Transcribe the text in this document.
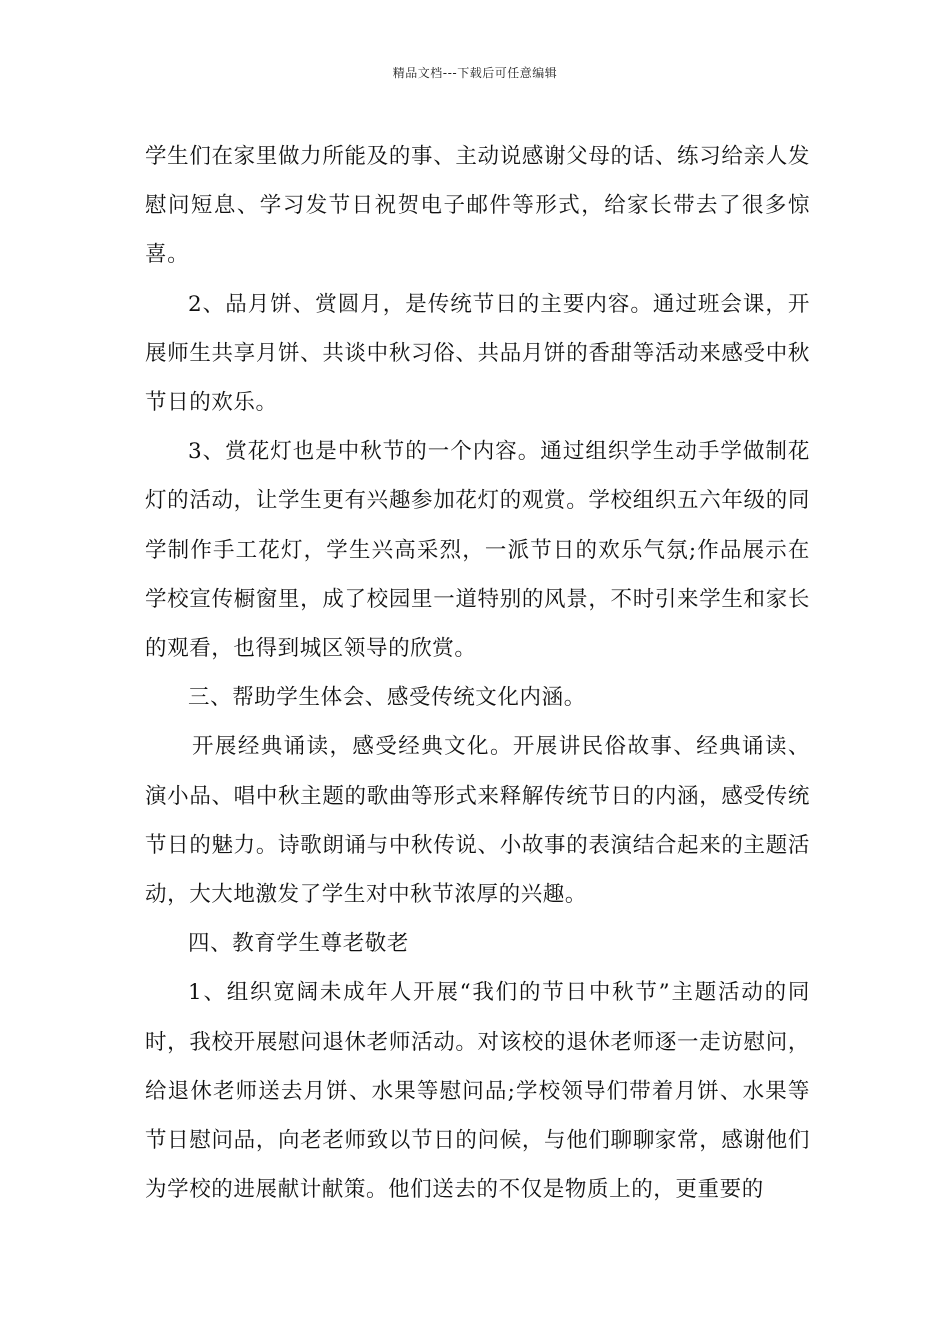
精品文档---下载后可任意编辑

学生们在家里做力所能及的事、主动说感谢父母的话、练习给亲人发慰问短息、学习发节日祝贺电子邮件等形式，给家长带去了很多惊喜。

2、品月饼、赏圆月，是传统节日的主要内容。通过班会课，开展师生共享月饼、共谈中秋习俗、共品月饼的香甜等活动来感受中秋节日的欢乐。

3、赏花灯也是中秋节的一个内容。通过组织学生动手学做制花灯的活动，让学生更有兴趣参加花灯的观赏。学校组织五六年级的同学制作手工花灯，学生兴高采烈，一派节日的欢乐气氛;作品展示在学校宣传橱窗里，成了校园里一道特别的风景，不时引来学生和家长的观看，也得到城区领导的欣赏。

三、帮助学生体会、感受传统文化内涵。

开展经典诵读，感受经典文化。开展讲民俗故事、经典诵读、演小品、唱中秋主题的歌曲等形式来释解传统节日的内涵，感受传统节日的魅力。诗歌朗诵与中秋传说、小故事的表演结合起来的主题活动，大大地激发了学生对中秋节浓厚的兴趣。

四、教育学生尊老敬老

1、组织宽阔未成年人开展“我们的节日中秋节”主题活动的同时，我校开展慰问退休老师活动。对该校的退休老师逐一走访慰问，给退休老师送去月饼、水果等慰问品;学校领导们带着月饼、水果等节日慰问品，向老老师致以节日的问候，与他们聊聊家常，感谢他们为学校的进展献计献策。他们送去的不仅是物质上的，更重要的
